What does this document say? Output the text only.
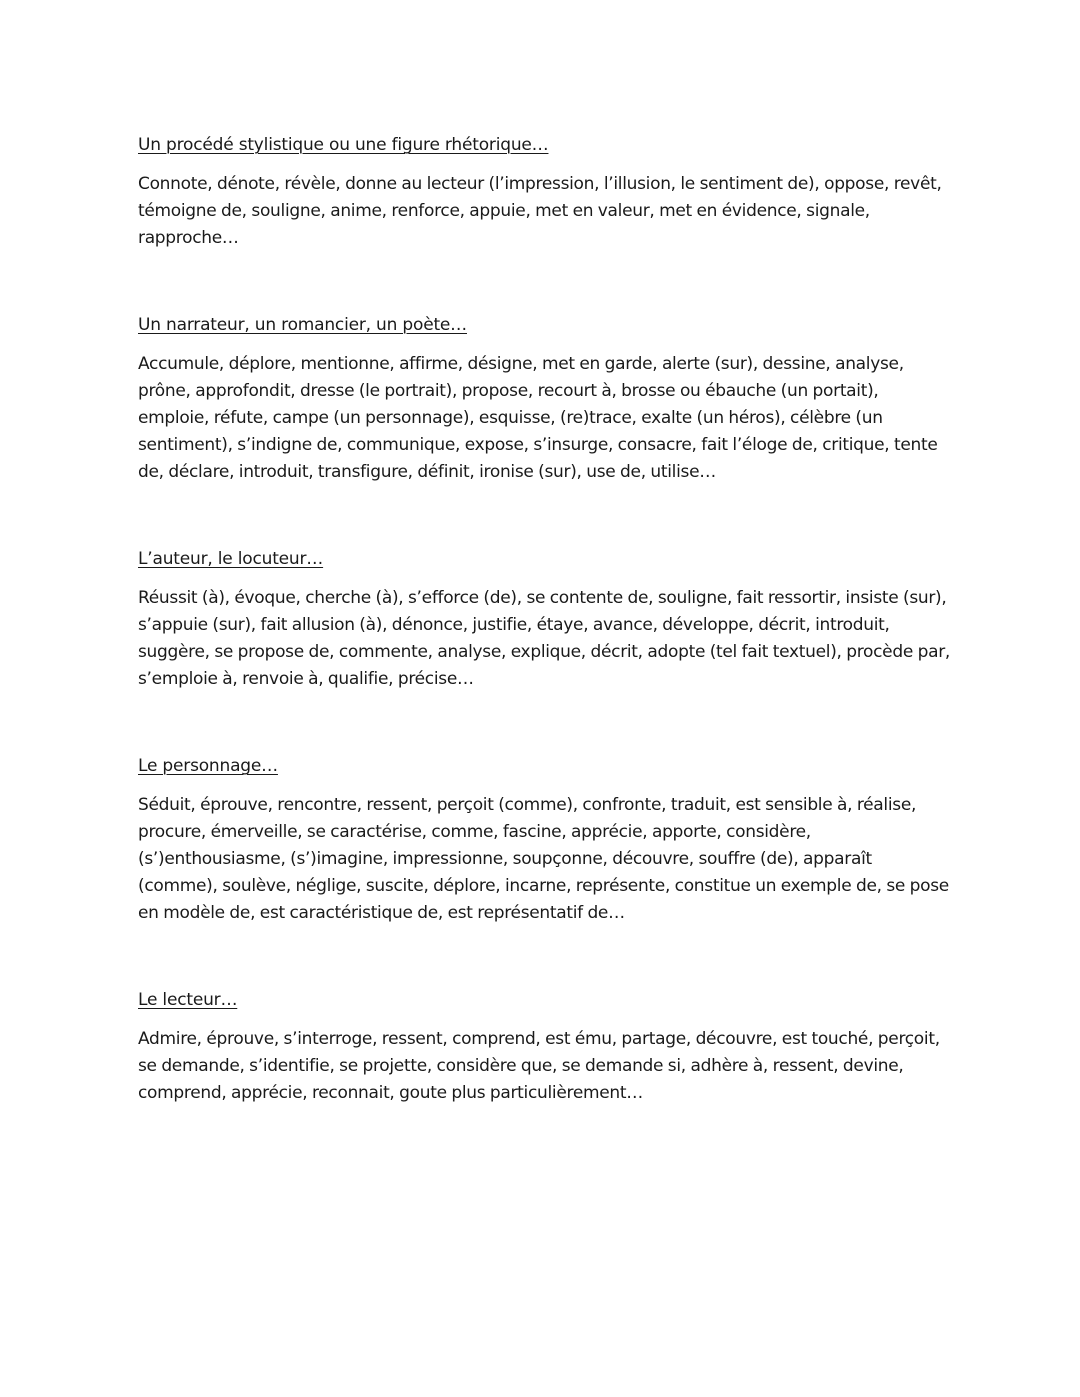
Un procédé stylistique ou une figure rhétorique…

Connote, dénote, révèle, donne au lecteur (l’impression, l’illusion, le sentiment de), oppose, revêt, témoigne de, souligne, anime, renforce, appuie, met en valeur, met en évidence, signale, rapproche…

Un narrateur, un romancier, un poète…

Accumule, déplore, mentionne, affirme, désigne, met en garde, alerte (sur), dessine, analyse, prône, approfondit, dresse (le portrait), propose, recourt à, brosse ou ébauche (un portait), emploie, réfute, campe (un personnage), esquisse, (re)trace, exalte (un héros), célèbre (un sentiment), s’indigne de, communique, expose, s’insurge, consacre, fait l’éloge de, critique, tente de, déclare, introduit, transfigure, définit, ironise (sur), use de, utilise…

L’auteur, le locuteur…

Réussit (à), évoque, cherche (à), s’efforce (de), se contente de, souligne, fait ressortir, insiste (sur), s’appuie (sur), fait allusion (à), dénonce, justifie, étaye, avance, développe, décrit, introduit, suggère, se propose de, commente, analyse, explique, décrit, adopte (tel fait textuel), procède par, s’emploie à, renvoie à, qualifie, précise…

Le personnage…

Séduit, éprouve, rencontre, ressent, perçoit (comme), confronte, traduit, est sensible à, réalise, procure, émerveille, se caractérise, comme, fascine, apprécie, apporte, considère, (s’)enthousiasme, (s’)imagine, impressionne, soupçonne, découvre, souffre (de), apparaît (comme), soulève, néglige, suscite, déplore, incarne, représente, constitue un exemple de, se pose en modèle de, est caractéristique de, est représentatif de…

Le lecteur…

Admire, éprouve, s’interroge, ressent, comprend, est ému, partage, découvre, est touché, perçoit, se demande, s’identifie, se projette, considère que, se demande si, adhère à, ressent, devine, comprend, apprécie, reconnait, goute plus particulièrement…
